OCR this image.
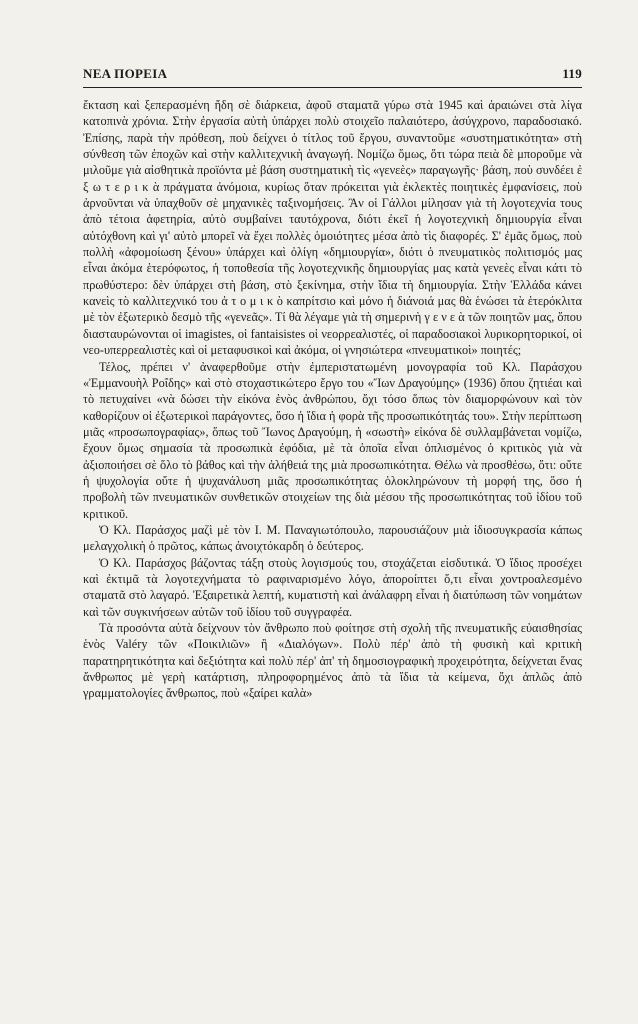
ΝΕΑ ΠΟΡΕΙΑ	119

ἔκταση καὶ ξεπερασμένη ἤδη σὲ διάρκεια, ἀφοῦ σταματᾶ γύρω στὰ 1945 καὶ ἀραιώνει στὰ λίγα κατοπινὰ χρόνια. Στὴν ἐργασία αὐτὴ ὑπάρχει πολὺ στοιχεῖο παλαιότερο, ἀσύγχρονο, παραδοσιακό. Ἐπίσης, παρὰ τὴν πρόθεση, ποὺ δείχνει ὁ τίτλος τοῦ ἔργου, συναντοῦμε «συστηματικότητα» στὴ σύνθεση τῶν ἐποχῶν καὶ στὴν καλλιτεχνικὴ ἀναγωγή. Νομίζω ὅμως, ὅτι τώρα πειὰ δὲ μποροῦμε νὰ μιλοῦμε γιὰ αἰσθητικὰ προϊόντα μὲ βάση συστηματικὴ τὶς «γενεὲς» παραγωγῆς· βάση, ποὺ συνδέει ἐ ξ ω τ ε ρ ι κ ὰ πράγματα ἀνόμοια, κυρίως ὅταν πρόκειται γιὰ ἐκλεκτὲς ποιητικὲς ἐμφανίσεις, ποὺ ἀρνοῦνται νὰ ὑπαχθοῦν σὲ μηχανικὲς ταξινομήσεις. Ἂν οἱ Γάλλοι μίλησαν γιὰ τὴ λογοτεχνία τους ἀπὸ τέτοια ἀφετηρία, αὐτὸ συμβαίνει ταυτόχρονα, διότι ἐκεῖ ἡ λογοτεχνικὴ δημιουργία εἶναι αὐτόχθονη καὶ γι' αὐτὸ μπορεῖ νὰ ἔχει πολλὲς ὁμοιότητες μέσα ἀπὸ τὶς διαφορές. Σ' ἐμᾶς ὅμως, ποὺ πολλὴ «ἀφομοίωση ξένου» ὑπάρχει καὶ ὀλίγη «δημιουργία», διότι ὁ πνευματικὸς πολιτισμός μας εἶναι ἀκόμα ἑτερόφωτος, ἡ τοποθεσία τῆς λογοτεχνικῆς δημιουργίας μας κατὰ γενεὲς εἶναι κάτι τὸ πρωθύστερο: δὲν ὑπάρχει στὴ βάση, στὸ ξεκίνημα, στὴν ἴδια τὴ δημιουργία. Στὴν Ἑλλάδα κάνει κανεὶς τὸ καλλιτεχνικό του ἀ τ ο μ ι κ ὸ καπρίτσιο καὶ μόνο ἡ διάνοιά μας θὰ ἑνώσει τὰ ἑτερόκλιτα μὲ τὸν ἐξωτερικὸ δεσμὸ τῆς «γενεᾶς». Τί θὰ λέγαμε γιὰ τὴ σημερινὴ γ ε ν ε ὰ τῶν ποιητῶν μας, ὅπου διασταυρώνονται οἱ imagistes, οἱ fantaisistes οἱ νεορρεαλιστές, οἱ παραδοσιακοὶ λυρικορητορικοί, οἱ νεο-υπερρεαλιστὲς καὶ οἱ μεταφυσικοὶ καὶ ἀκόμα, οἱ γνησιώτερα «πνευματικοὶ» ποιητές;

Τέλος, πρέπει ν' ἀναφερθοῦμε στὴν ἐμπεριστατωμένη μονογραφία τοῦ Κλ. Παράσχου «Ἐμμανουὴλ Ροΐδης» καὶ στὸ στοχαστικώτερο ἔργο του «Ἴων Δραγούμης» (1936) ὅπου ζητιέαι καὶ τὸ πετυχαίνει «νὰ δώσει τὴν εἰκόνα ἑνὸς ἀνθρώπου, ὄχι τόσο ὅπως τὸν διαμορφώνουν καὶ τὸν καθορίζουν οἱ ἐξωτερικοὶ παράγοντες, ὅσο ἡ ἴδια ἡ φορὰ τῆς προσωπικότητάς του». Στὴν περίπτωση μιᾶς «προσωπογραφίας», ὅπως τοῦ Ἴωνος Δραγούμη, ἡ «σωστὴ» εἰκόνα δὲ συλλαμβάνεται νομίζω, ἔχουν ὅμως σημασία τὰ προσωπικὰ ἐφόδια, μὲ τὰ ὁποῖα εἶναι ὁπλισμένος ὁ κριτικὸς γιὰ νὰ ἀξιοποιήσει σὲ ὅλο τὸ βάθος καὶ τὴν ἀλήθειά της μιὰ προσωπικότητα. Θέλω νὰ προσθέσω, ὅτι: οὔτε ἡ ψυχολογία οὔτε ἡ ψυχανάλυση μιᾶς προσωπικότητας ὁλοκληρώνουν τὴ μορφή της, ὅσο ἡ προβολὴ τῶν πνευματικῶν συνθετικῶν στοιχείων της διὰ μέσου τῆς προσωπικότητας τοῦ ἰδίου τοῦ κριτικοῦ.

Ὁ Κλ. Παράσχος μαζὶ μὲ τὸν Ι. Μ. Παναγιωτόπουλο, παρουσιάζουν μιὰ ἰδιοσυγκρασία κάπως μελαγχολικὴ ὁ πρῶτος, κάπως ἀνοιχτόκαρδη ὁ δεύτερος.

Ὁ Κλ. Παράσχος βάζοντας τάξη στοὺς λογισμούς του, στοχάζεται εἰσδυτικά. Ὁ ἴδιος προσέχει καὶ ἐκτιμᾶ τὰ λογοτεχνήματα τὸ ραφιναρισμένο λόγο, ἀποροίπτει ὅ,τι εἶναι χοντροαλεσμένο σταματᾶ στὸ λαγαρό. Ἐξαιρετικὰ λεπτή, κυματιστὴ καὶ ἀνάλαφρη εἶναι ἡ διατύπωση τῶν νοημάτων καὶ τῶν συγκινήσεων αὐτῶν τοῦ ἰδίου τοῦ συγγραφέα.

Τὰ προσόντα αὐτὰ δείχνουν τὸν ἄνθρωπο ποὺ φοίτησε στὴ σχολὴ τῆς πνευματικῆς εὐαισθησίας ἑνὸς Valéry τῶν «Ποικιλιῶν» ἢ «Διαλόγων». Πολὺ πέρ' ἀπὸ τὴ φυσικὴ καὶ κριτικὴ παρατηρητικότητα καὶ δεξιότητα καὶ πολὺ πέρ' ἀπ' τὴ δημοσιογραφικὴ προχειρότητα, δείχνεται ἕνας ἄνθρωπος μὲ γερὴ κατάρτιση, πληροφορημένος ἀπὸ τὰ ἴδια τὰ κείμενα, ὄχι ἁπλῶς ἀπὸ γραμματολογίες ἄνθρωπος, ποὺ «ξαίρει καλὰ»
